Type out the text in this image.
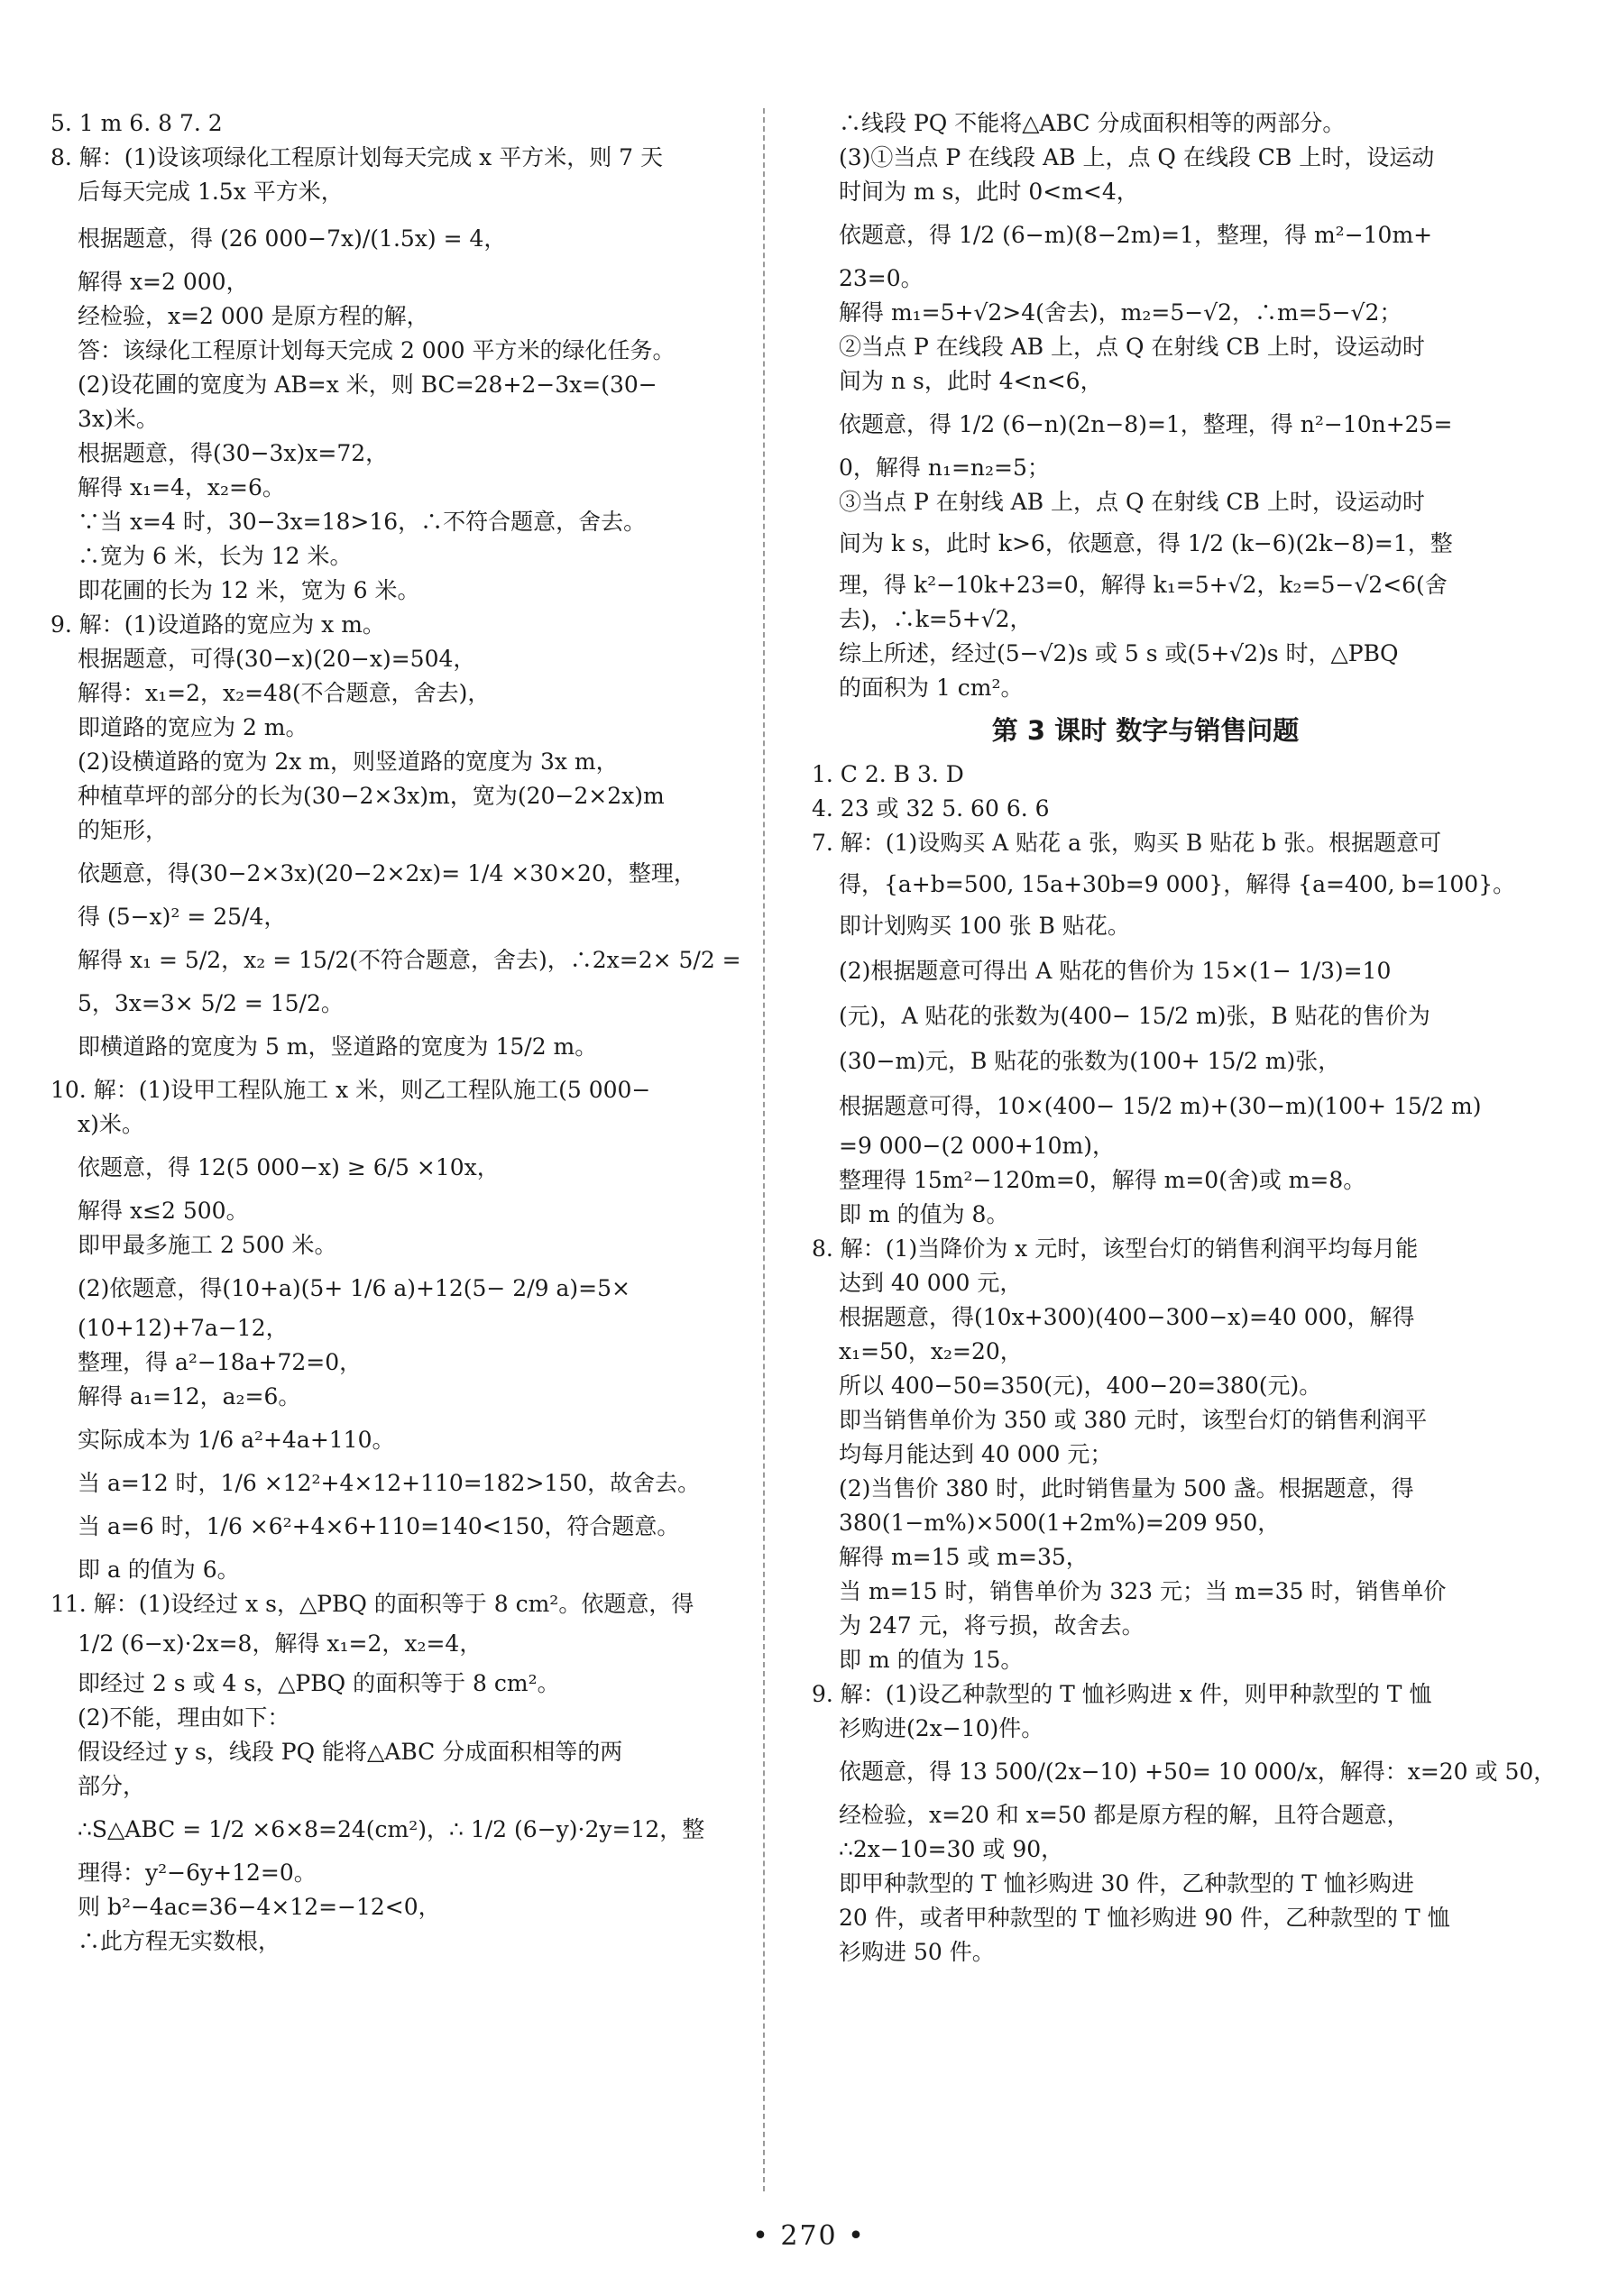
5. 1 m 6. 8 7. 2
8. 解：(1)设该项绿化工程原计划每天完成 x 平方米，则 7 天
后每天完成 1.5x 平方米，
根据题意，得 (26 000−7x)/(1.5x) = 4，
解得 x=2 000，
经检验，x=2 000 是原方程的解，
答：该绿化工程原计划每天完成 2 000 平方米的绿化任务。
(2)设花圃的宽度为 AB=x 米，则 BC=28+2−3x=(30−
3x)米。
根据题意，得(30−3x)x=72，
解得 x₁=4，x₂=6。
∵当 x=4 时，30−3x=18>16，∴不符合题意，舍去。
∴宽为 6 米，长为 12 米。
即花圃的长为 12 米，宽为 6 米。
9. 解：(1)设道路的宽应为 x m。
根据题意，可得(30−x)(20−x)=504，
解得：x₁=2，x₂=48(不合题意，舍去)，
即道路的宽应为 2 m。
(2)设横道路的宽为 2x m，则竖道路的宽度为 3x m，
种植草坪的部分的长为(30−2×3x)m，宽为(20−2×2x)m
的矩形，
依题意，得(30−2×3x)(20−2×2x)= 1/4 ×30×20，整理，
得 (5−x)² = 25/4，
解得 x₁ = 5/2，x₂ = 15/2(不符合题意，舍去)，∴2x=2× 5/2 =
5，3x=3× 5/2 = 15/2。
即横道路的宽度为 5 m，竖道路的宽度为 15/2 m。
10. 解：(1)设甲工程队施工 x 米，则乙工程队施工(5 000−
x)米。
依题意，得 12(5 000−x) ≥ 6/5 ×10x，
解得 x≤2 500。
即甲最多施工 2 500 米。
(2)依题意，得(10+a)(5+ 1/6 a)+12(5− 2/9 a)=5×
(10+12)+7a−12，
整理，得 a²−18a+72=0，
解得 a₁=12，a₂=6。
实际成本为 1/6 a²+4a+110。
当 a=12 时，1/6 ×12²+4×12+110=182>150，故舍去。
当 a=6 时，1/6 ×6²+4×6+110=140<150，符合题意。
即 a 的值为 6。
11. 解：(1)设经过 x s，△PBQ 的面积等于 8 cm²。依题意，得
1/2 (6−x)·2x=8，解得 x₁=2，x₂=4，
即经过 2 s 或 4 s，△PBQ 的面积等于 8 cm²。
(2)不能，理由如下：
假设经过 y s，线段 PQ 能将△ABC 分成面积相等的两
部分，
∴S△ABC = 1/2 ×6×8=24(cm²)，∴ 1/2 (6−y)·2y=12，整
理得：y²−6y+12=0。
则 b²−4ac=36−4×12=−12<0，
∴此方程无实数根，
∴线段 PQ 不能将△ABC 分成面积相等的两部分。
(3)①当点 P 在线段 AB 上，点 Q 在线段 CB 上时，设运动
时间为 m s，此时 0<m<4，
依题意，得 1/2 (6−m)(8−2m)=1，整理，得 m²−10m+
23=0。
解得 m₁=5+√2>4(舍去)，m₂=5−√2，∴m=5−√2；
②当点 P 在线段 AB 上，点 Q 在射线 CB 上时，设运动时
间为 n s，此时 4<n<6，
依题意，得 1/2 (6−n)(2n−8)=1，整理，得 n²−10n+25=
0，解得 n₁=n₂=5；
③当点 P 在射线 AB 上，点 Q 在射线 CB 上时，设运动时
间为 k s，此时 k>6，依题意，得 1/2 (k−6)(2k−8)=1，整
理，得 k²−10k+23=0，解得 k₁=5+√2，k₂=5−√2<6(舍
去)，∴k=5+√2，
综上所述，经过(5−√2)s 或 5 s 或(5+√2)s 时，△PBQ
的面积为 1 cm²。
第 3 课时 数字与销售问题
1. C 2. B 3. D
4. 23 或 32 5. 60 6. 6
7. 解：(1)设购买 A 贴花 a 张，购买 B 贴花 b 张。根据题意可
得，{a+b=500, 15a+30b=9 000}，解得 {a=400, b=100}。
即计划购买 100 张 B 贴花。
(2)根据题意可得出 A 贴花的售价为 15×(1− 1/3)=10
(元)，A 贴花的张数为(400− 15/2 m)张，B 贴花的售价为
(30−m)元，B 贴花的张数为(100+ 15/2 m)张，
根据题意可得，10×(400− 15/2 m)+(30−m)(100+ 15/2 m)
=9 000−(2 000+10m)，
整理得 15m²−120m=0，解得 m=0(舍)或 m=8。
即 m 的值为 8。
8. 解：(1)当降价为 x 元时，该型台灯的销售利润平均每月能
达到 40 000 元，
根据题意，得(10x+300)(400−300−x)=40 000，解得
x₁=50，x₂=20，
所以 400−50=350(元)，400−20=380(元)。
即当销售单价为 350 或 380 元时，该型台灯的销售利润平
均每月能达到 40 000 元；
(2)当售价 380 时，此时销售量为 500 盏。根据题意，得
380(1−m%)×500(1+2m%)=209 950，
解得 m=15 或 m=35，
当 m=15 时，销售单价为 323 元；当 m=35 时，销售单价
为 247 元，将亏损，故舍去。
即 m 的值为 15。
9. 解：(1)设乙种款型的 T 恤衫购进 x 件，则甲种款型的 T 恤
衫购进(2x−10)件。
依题意，得 13 500/(2x−10) +50= 10 000/x，解得：x=20 或 50，
经检验，x=20 和 x=50 都是原方程的解，且符合题意，
∴2x−10=30 或 90，
即甲种款型的 T 恤衫购进 30 件，乙种款型的 T 恤衫购进
20 件，或者甲种款型的 T 恤衫购进 90 件，乙种款型的 T 恤
衫购进 50 件。
• 270 •
